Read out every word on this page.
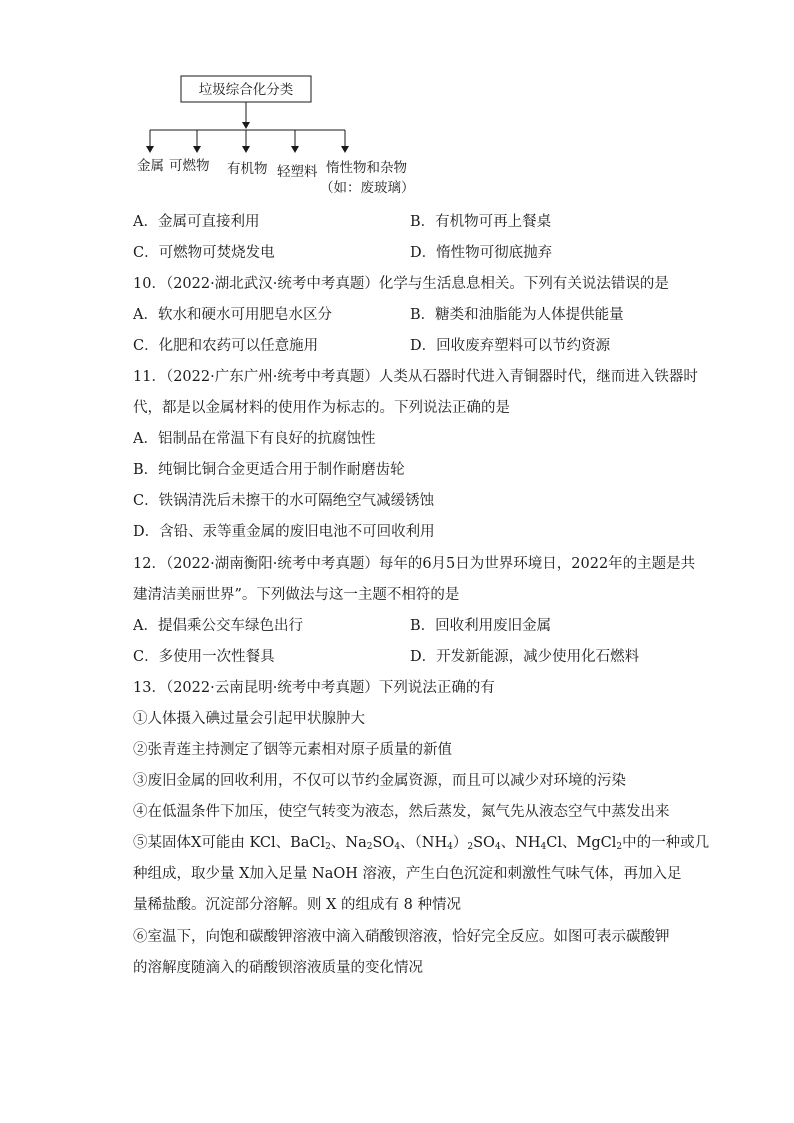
垃圾综合化分类
金属 可燃物 有机物 轻塑料 惰性物和杂物
（如：废玻璃）
A．金属可直接利用	B．有机物可再上餐桌
C．可燃物可焚烧发电	D．惰性物可彻底抛弃
10．（2022·湖北武汉·统考中考真题）化学与生活息息相关。下列有关说法错误的是
A．软水和硬水可用肥皂水区分	B．糖类和油脂能为人体提供能量
C．化肥和农药可以任意施用	D．回收废弃塑料可以节约资源
11．（2022·广东广州·统考中考真题）人类从石器时代进入青铜器时代，继而进入铁器时
代，都是以金属材料的使用作为标志的。下列说法正确的是
A．铝制品在常温下有良好的抗腐蚀性
B．纯铜比铜合金更适合用于制作耐磨齿轮
C．铁锅清洗后未擦干的水可隔绝空气减缓锈蚀
D．含铅、汞等重金属的废旧电池不可回收利用
12．（2022·湖南衡阳·统考中考真题）每年的6月5日为世界环境日，2022年的主题是共
建清洁美丽世界”。下列做法与这一主题不相符的是
A．提倡乘公交车绿色出行	B．回收利用废旧金属
C．多使用一次性餐具	D．开发新能源，减少使用化石燃料
13．（2022·云南昆明·统考中考真题）下列说法正确的有
①人体摄入碘过量会引起甲状腺肿大
②张青莲主持测定了铟等元素相对原子质量的新值
③废旧金属的回收利用，不仅可以节约金属资源，而且可以减少对环境的污染
④在低温条件下加压，使空气转变为液态，然后蒸发，氮气先从液态空气中蒸发出来
⑤某固体X可能由 KCl、BaCl$_2$、$Na_2SO_4$、$(NH_4)_2SO_4$、$NH_4Cl$、MgCl$_2$中的一种或几
种组成，取少量 X加入足量 NaOH 溶液，产生白色沉淀和刺激性气味气体，再加入足
量稀盐酸。沉淀部分溶解。则 X 的组成有 8 种情况
⑥室温下，向饱和碳酸钾溶液中滴入硝酸钡溶液，恰好完全反应。如图可表示碳酸钾
的溶解度随滴入的硝酸钡溶液质量的变化情况
